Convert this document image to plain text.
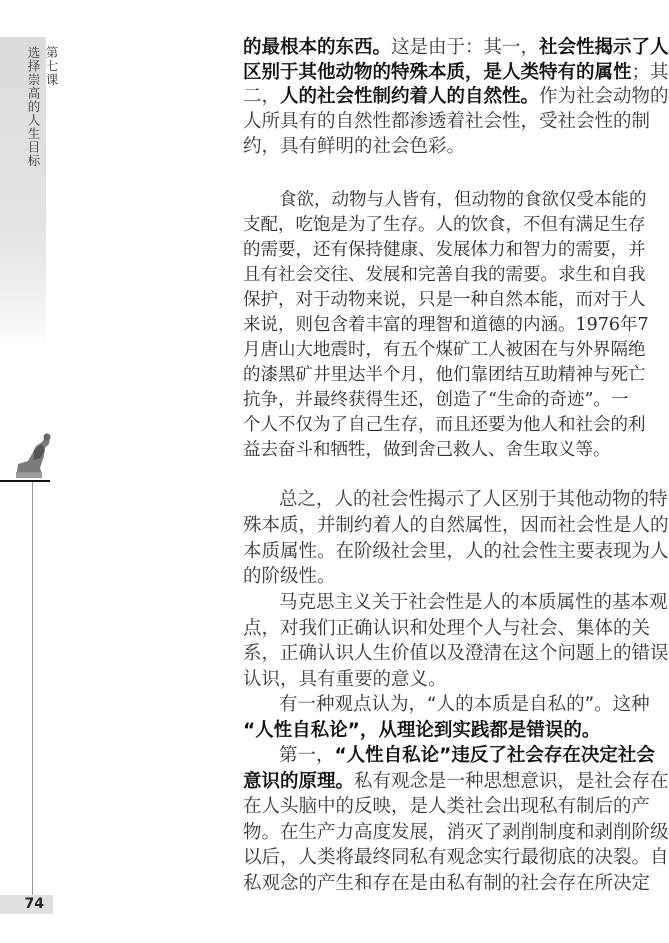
第七课
选择崇高的人生目标
74
的最根本的东西。这是由于：其一，社会性揭示了人
区别于其他动物的特殊本质，是人类特有的属性；其
二，人的社会性制约着人的自然性。作为社会动物的
人所具有的自然性都渗透着社会性，受社会性的制
约，具有鲜明的社会色彩。
食欲，动物与人皆有，但动物的食欲仅受本能的
支配，吃饱是为了生存。人的饮食，不但有满足生存
的需要，还有保持健康、发展体力和智力的需要，并
且有社会交往、发展和完善自我的需要。求生和自我
保护，对于动物来说，只是一种自然本能，而对于人
来说，则包含着丰富的理智和道德的内涵。1976年7
月唐山大地震时，有五个煤矿工人被困在与外界隔绝
的漆黑矿井里达半个月，他们靠团结互助精神与死亡
抗争，并最终获得生还，创造了“生命的奇迹”。一
个人不仅为了自己生存，而且还要为他人和社会的利
益去奋斗和牺牲，做到舍己救人、舍生取义等。
总之，人的社会性揭示了人区别于其他动物的特
殊本质，并制约着人的自然属性，因而社会性是人的
本质属性。在阶级社会里，人的社会性主要表现为人
的阶级性。
马克思主义关于社会性是人的本质属性的基本观
点，对我们正确认识和处理个人与社会、集体的关
系，正确认识人生价值以及澄清在这个问题上的错误
认识，具有重要的意义。
有一种观点认为，“人的本质是自私的”。这种
“人性自私论”，从理论到实践都是错误的。
第一，“人性自私论”违反了社会存在决定社会
意识的原理。私有观念是一种思想意识，是社会存在
在人头脑中的反映，是人类社会出现私有制后的产
物。在生产力高度发展，消灭了剥削制度和剥削阶级
以后，人类将最终同私有观念实行最彻底的决裂。自
私观念的产生和存在是由私有制的社会存在所决定
